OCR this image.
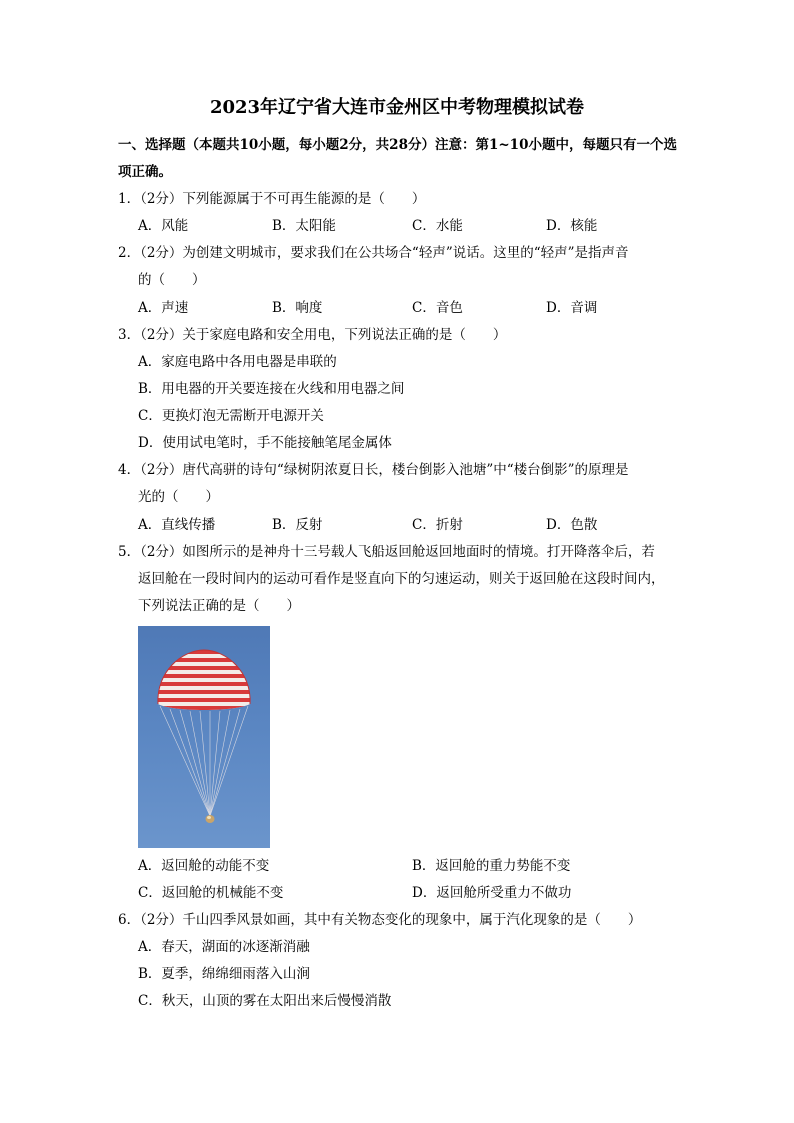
2023年辽宁省大连市金州区中考物理模拟试卷
一、选择题（本题共10小题，每小题2分，共28分）注意：第1~10小题中，每题只有一个选项正确。
1．（2分）下列能源属于不可再生能源的是（　　）
A．风能	B．太阳能	C．水能	D．核能
2．（2分）为创建文明城市，要求我们在公共场合“轻声”说话。这里的“轻声”是指声音
的（　　）
A．声速	B．响度	C．音色	D．音调
3．（2分）关于家庭电路和安全用电，下列说法正确的是（　　）
A．家庭电路中各用电器是串联的
B．用电器的开关要连接在火线和用电器之间
C．更换灯泡无需断开电源开关
D．使用试电笔时，手不能接触笔尾金属体
4．（2分）唐代高骈的诗句“绿树阴浓夏日长，楼台倒影入池塘”中“楼台倒影”的原理是
光的（　　）
A．直线传播	B．反射	C．折射	D．色散
5．（2分）如图所示的是神舟十三号载人飞船返回舱返回地面时的情境。打开降落伞后，若
返回舱在一段时间内的运动可看作是竖直向下的匀速运动，则关于返回舱在这段时间内，
下列说法正确的是（　　）
A．返回舱的动能不变	B．返回舱的重力势能不变
C．返回舱的机械能不变	D．返回舱所受重力不做功
6．（2分）千山四季风景如画，其中有关物态变化的现象中，属于汽化现象的是（　　）
A．春天，湖面的冰逐渐消融
B．夏季，绵绵细雨落入山涧
C．秋天，山顶的雾在太阳出来后慢慢消散
